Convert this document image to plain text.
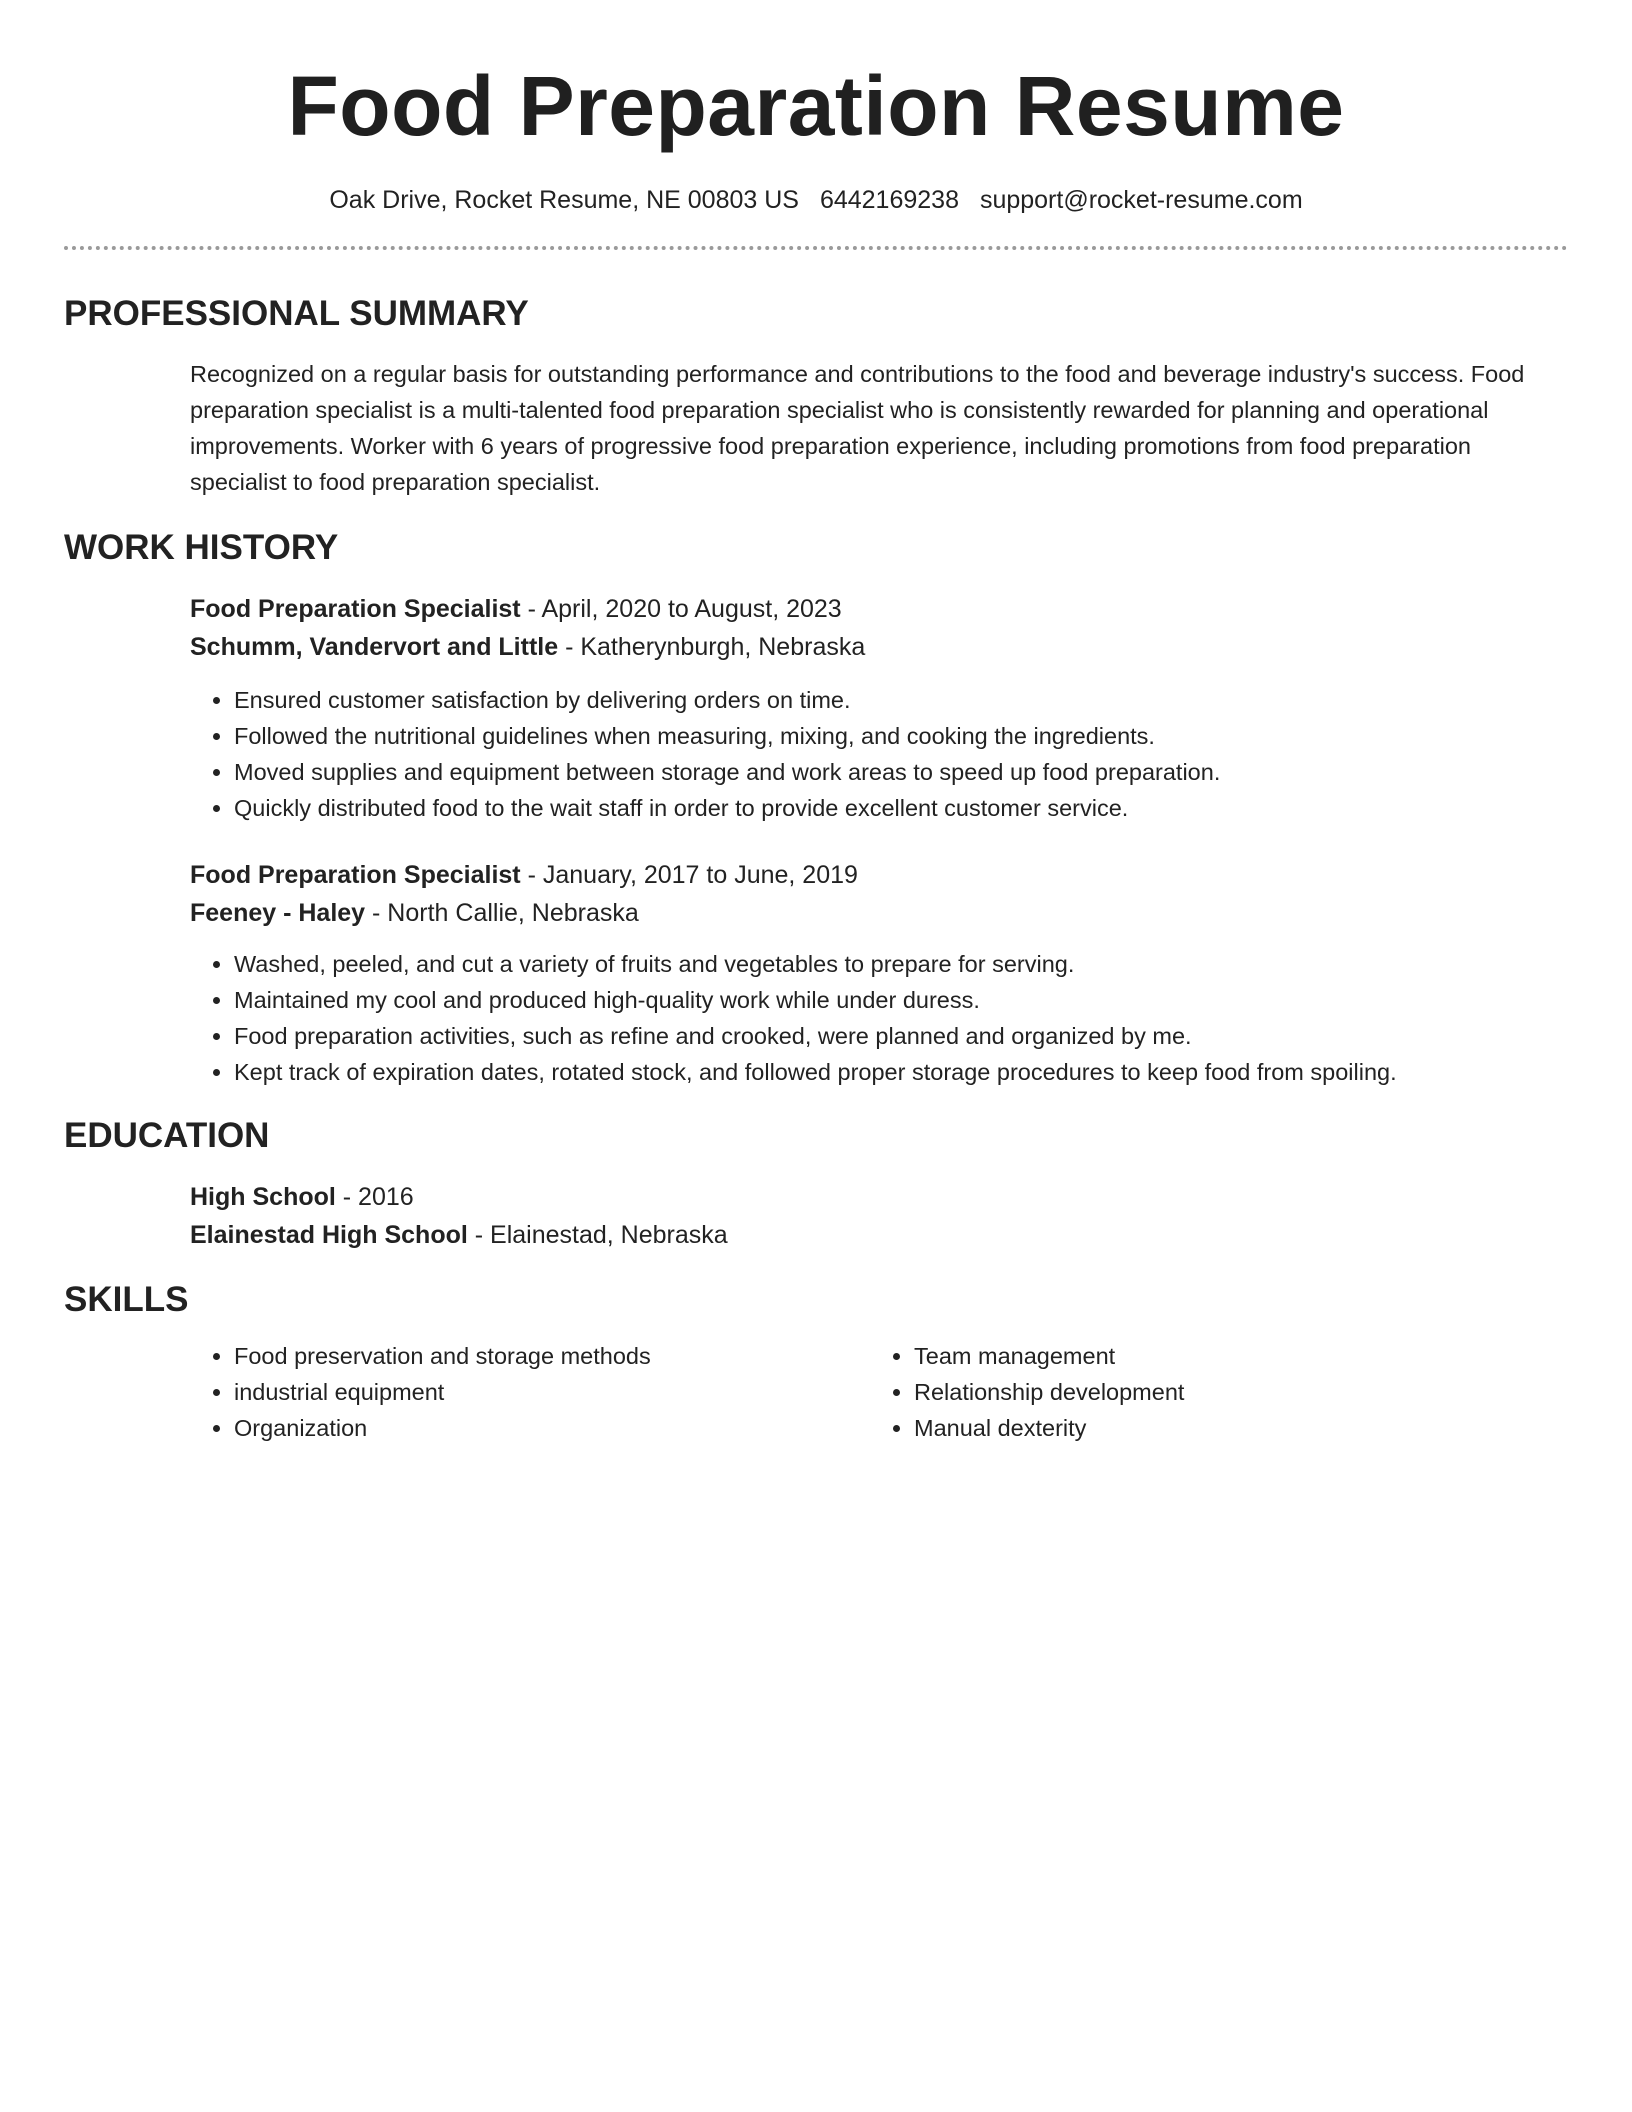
Food Preparation Resume
Oak Drive, Rocket Resume, NE 00803 US 6442169238 support@rocket-resume.com
PROFESSIONAL SUMMARY

Recognized on a regular basis for outstanding performance and contributions to the food and beverage industry's success. Food preparation specialist is a multi-talented food preparation specialist who is consistently rewarded for planning and operational improvements. Worker with 6 years of progressive food preparation experience, including promotions from food preparation specialist to food preparation specialist.

WORK HISTORY

Food Preparation Specialist - April, 2020 to August, 2023

Schumm, Vandervort and Little - Katherynburgh, Nebraska

• Ensured customer satisfaction by delivering orders on time.
• Followed the nutritional guidelines when measuring, mixing, and cooking the ingredients.
• Moved supplies and equipment between storage and work areas to speed up food preparation.
• Quickly distributed food to the wait staff in order to provide excellent customer service.

Food Preparation Specialist - January, 2017 to June, 2019

Feeney - Haley - North Callie, Nebraska

• Washed, peeled, and cut a variety of fruits and vegetables to prepare for serving.
• Maintained my cool and produced high-quality work while under duress.
• Food preparation activities, such as refine and crooked, were planned and organized by me.
• Kept track of expiration dates, rotated stock, and followed proper storage procedures to keep food from spoiling.
EDUCATION

High School - 2016

Elainestad High School - Elainestad, Nebraska

SKILLS
• Food preservation and storage methods
• industrial equipment
• Organization
• Team management
• Relationship development
• Manual dexterity
